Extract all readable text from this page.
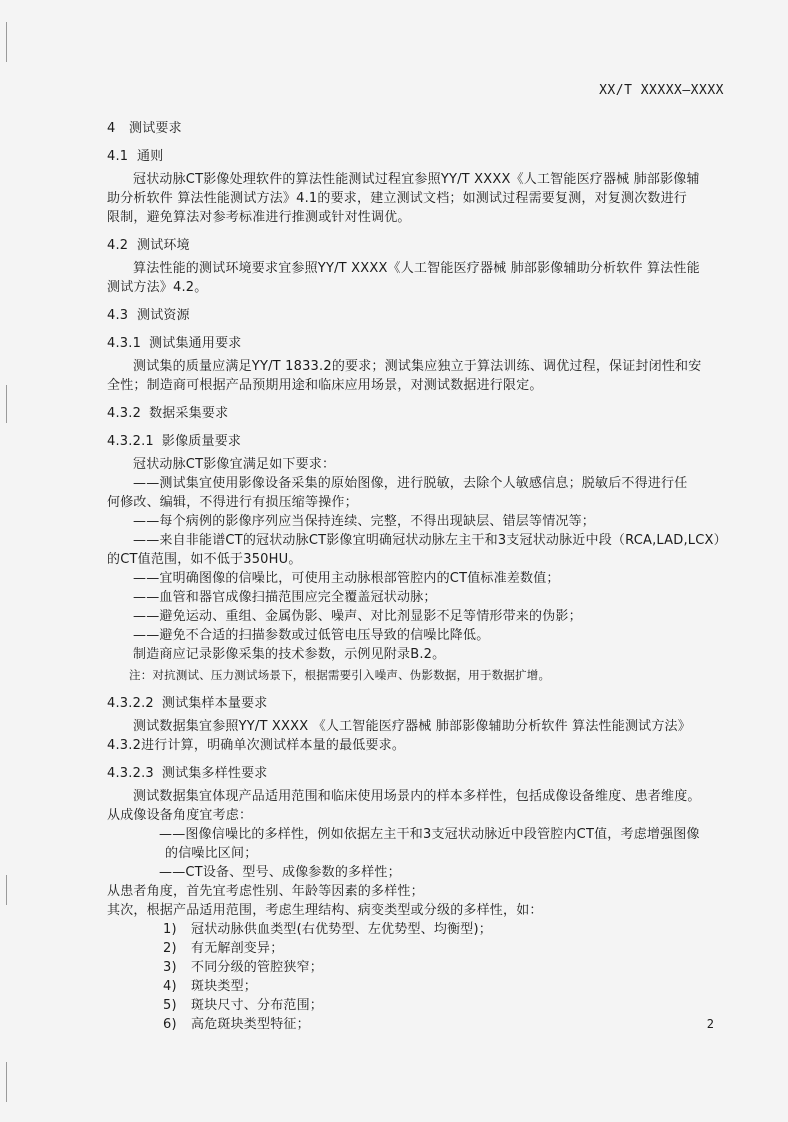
XX/T XXXXX—XXXX
4 测试要求
4.1 通则
冠状动脉CT影像处理软件的算法性能测试过程宜参照YY/T XXXX《人工智能医疗器械 肺部影像辅
助分析软件 算法性能测试方法》4.1的要求，建立测试文档；如测试过程需要复测，对复测次数进行
限制，避免算法对参考标准进行推测或针对性调优。
4.2 测试环境
算法性能的测试环境要求宜参照YY/T XXXX《人工智能医疗器械 肺部影像辅助分析软件 算法性能
测试方法》4.2。
4.3 测试资源
4.3.1 测试集通用要求
测试集的质量应满足YY/T 1833.2的要求；测试集应独立于算法训练、调优过程，保证封闭性和安
全性；制造商可根据产品预期用途和临床应用场景，对测试数据进行限定。
4.3.2 数据采集要求
4.3.2.1 影像质量要求
冠状动脉CT影像宜满足如下要求：
——测试集宜使用影像设备采集的原始图像，进行脱敏，去除个人敏感信息；脱敏后不得进行任
何修改、编辑，不得进行有损压缩等操作；
——每个病例的影像序列应当保持连续、完整，不得出现缺层、错层等情况等；
——来自非能谱CT的冠状动脉CT影像宜明确冠状动脉左主干和3支冠状动脉近中段（RCA,LAD,LCX）
的CT值范围，如不低于350HU。
——宜明确图像的信噪比，可使用主动脉根部管腔内的CT值标准差数值；
——血管和器官成像扫描范围应完全覆盖冠状动脉；
——避免运动、重组、金属伪影、噪声、对比剂显影不足等情形带来的伪影；
——避免不合适的扫描参数或过低管电压导致的信噪比降低。
制造商应记录影像采集的技术参数，示例见附录B.2。
注：对抗测试、压力测试场景下，根据需要引入噪声、伪影数据，用于数据扩增。
4.3.2.2 测试集样本量要求
测试数据集宜参照YY/T XXXX 《人工智能医疗器械 肺部影像辅助分析软件 算法性能测试方法》
4.3.2进行计算，明确单次测试样本量的最低要求。
4.3.2.3 测试集多样性要求
测试数据集宜体现产品适用范围和临床使用场景内的样本多样性，包括成像设备维度、患者维度。
从成像设备角度宜考虑：
——图像信噪比的多样性，例如依据左主干和3支冠状动脉近中段管腔内CT值，考虑增强图像
的信噪比区间；
——CT设备、型号、成像参数的多样性；
从患者角度，首先宜考虑性别、年龄等因素的多样性；
其次，根据产品适用范围，考虑生理结构、病变类型或分级的多样性，如：
1) 冠状动脉供血类型(右优势型、左优势型、均衡型)；
2) 有无解剖变异；
3) 不同分级的管腔狭窄；
4) 斑块类型；
5) 斑块尺寸、分布范围；
6) 高危斑块类型特征；	2
